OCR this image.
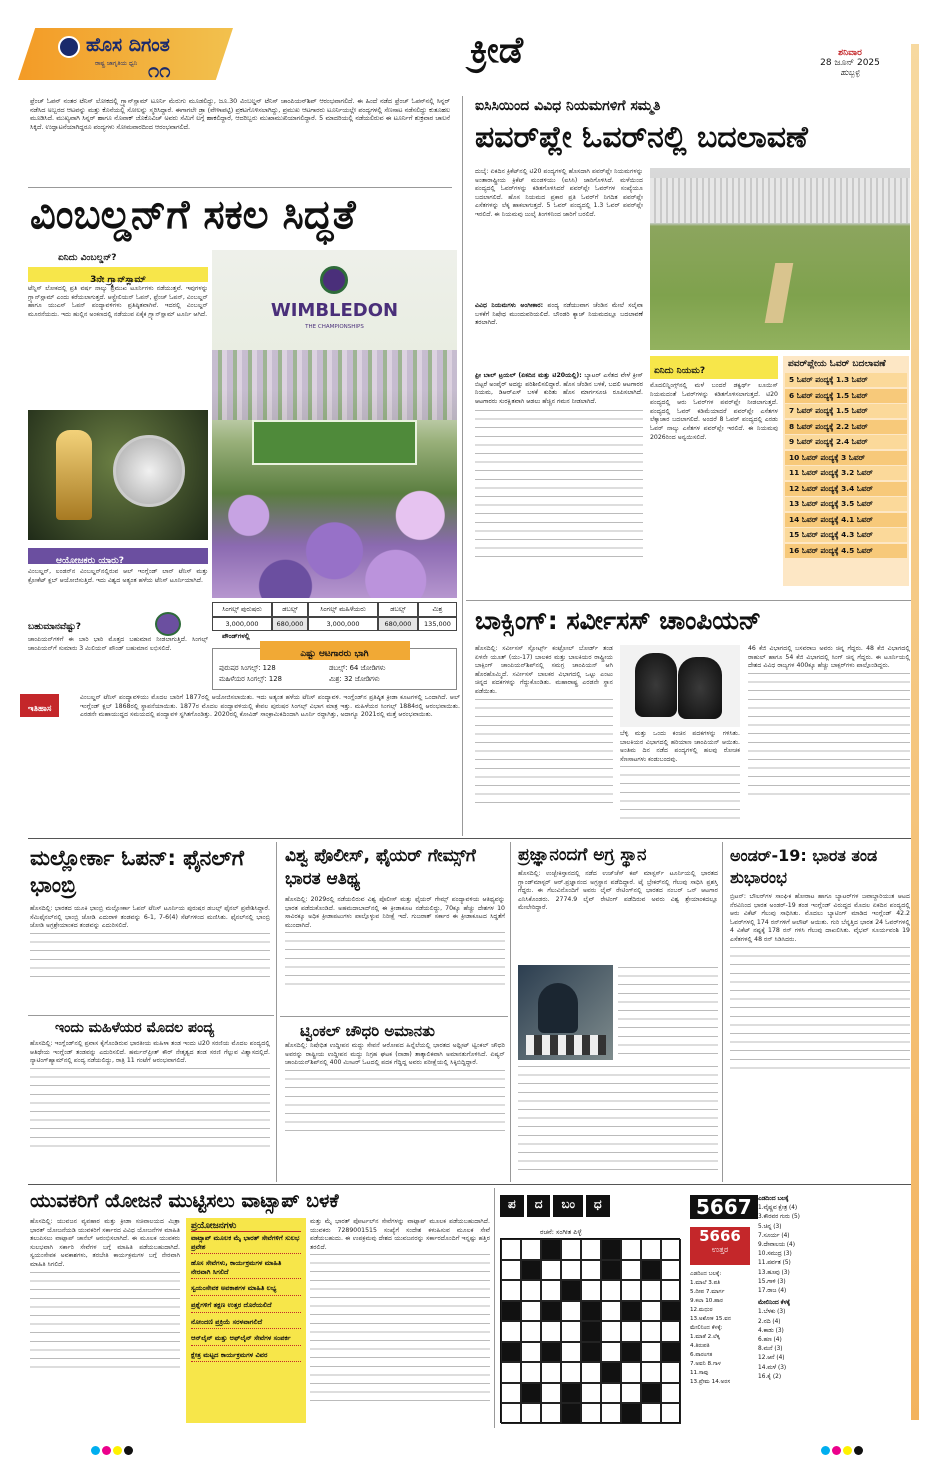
ಹೊಸ ದಿಗಂತ
ರಾಷ್ಟ್ರ ಜಾಗೃತಿಯ ಧ್ವನಿ ೧೧	ಕ್ರೀಡೆ	ಶನಿವಾರ
28 ಜೂನ್ 2025
ಹುಬ್ಬಳ್ಳಿ
ಫ್ರೆಂಚ್ ಓಪನ್ ನಂತರ ಟೆನಿಸ್ ಲೋಕದಲ್ಲಿ ಗ್ರ್ಯಾನ್‌ಸ್ಲಾಮ್ ಟೂರ್ನಿ ಮೆರುಗು ಮೂಡಲಿದ್ದು, ಜೂ.30 ವಿಂಬಲ್ಡನ್ ಟೆನಿಸ್ ಚಾಂಪಿಯನ್‌ಶಿಪ್ ಆರಂಭವಾಗಲಿದೆ. ಈ ಹಿಂದೆ ನಡೆದ ಫ್ರೆಂಚ್ ಓಪನ್‌ನಲ್ಲಿ ಸಿನ್ನರ್ ನಡೆಸಿದ ಅಬ್ಬರದ ಆಟವನ್ನು ಮತ್ತು ಕೊನೆಯಲ್ಲಿ ಸೋಲನ್ನು ಸ್ಮರಿಸಿದ್ದಾರೆ. ಈಗಾಗಲೇ ಡ್ರಾ (ವೇಳಾಪಟ್ಟಿ) ಪ್ರಕಟಗೊಳಿಸಲಾಗಿದ್ದು, ಪ್ರಮುಖ ಆಟಗಾರರು ಟೂರ್ನಿಯಲ್ಲೇ ಪಂದ್ಯಗಳಲ್ಲಿ ಸೆಣಸಾಟ ನಡೆಸಲಿದ್ದು ಕುತೂಹಲ ಮೂಡಿಸಿದೆ. ಮುಖ್ಯವಾಗಿ ಸಿನ್ನರ್ ಹಾಗೂ ನೊವಾಕ್ ಜೊಕೊವಿಚ್ ಅವರು ಸೆಮಿಗೆ ಲಗ್ಗೆ ಹಾಕಲಿದ್ದಾರೆ, ಆದರಿಬ್ಬರು ಮುಖಾಮುಖಿಯಾಗಲಿದ್ದಾರೆ. 5 ಮಾದರಿಯಲ್ಲಿ ನಡೆಯಲಿರುವ ಈ ಟೂರ್ನಿಗೆ ಶುಕ್ರವಾರ ಚಾಲನೆ ಸಿಕ್ಕಿದೆ. ಉದ್ಘಾಟನೆಯಾಗಿದ್ದರೂ ಪಂದ್ಯಗಳು ಸೋಮವಾರದಿಂದ ಆರಂಭವಾಗಲಿದೆ.
ವಿಂಬಲ್ಡನ್‌ಗೆ ಸಕಲ ಸಿದ್ಧತೆ
ಏನಿದು ವಿಂಬಲ್ಡನ್?
3ನೇ ಗ್ರ್ಯಾನ್‌ಸ್ಲಾಮ್
ಟೆನ್ನಿಸ್ ಲೋಕದಲ್ಲಿ ಪ್ರತಿ ವರ್ಷ ನಾಲ್ಕು ಪ್ರಮುಖ ಟೂರ್ನಿಗಳು ನಡೆಯುತ್ತವೆ. ಇವುಗಳನ್ನು ಗ್ರ್ಯಾನ್‌ಸ್ಲಾಮ್ ಎಂದು ಕರೆಯಲಾಗುತ್ತದೆ. ಆಸ್ಟ್ರೇಲಿಯನ್ ಓಪನ್, ಫ್ರೆಂಚ್ ಓಪನ್, ವಿಂಬಲ್ಡನ್ ಹಾಗೂ ಯುಎಸ್ ಓಪನ್ ಪಂದ್ಯಾವಳಿಗಳು ಪ್ರತಿಷ್ಠಿತವಾಗಿವೆ. ಇದರಲ್ಲಿ ವಿಂಬಲ್ಡನ್ ಮೂರನೆಯದು. ಇದು ಹುಲ್ಲಿನ ಅಂಕಣದಲ್ಲಿ ನಡೆಯುವ ಏಕೈಕ ಗ್ರ್ಯಾನ್‌ಸ್ಲಾಮ್ ಟೂರ್ನಿ ಆಗಿದೆ.
ಆಯೋಜಕರು ಯಾರು?
ವಿಂಬಲ್ಡನ್, ಲಂಡನ್‌ನ ವಿಂಬಲ್ಡನ್‌ನಲ್ಲಿರುವ ಆಲ್ ಇಂಗ್ಲೆಂಡ್ ಲಾನ್ ಟೆನಿಸ್ ಮತ್ತು ಕ್ರೋಕೆಟ್ ಕ್ಲಬ್ ಆಯೋಜಿಸುತ್ತಿದೆ. ಇದು ವಿಶ್ವದ ಅತ್ಯಂತ ಹಳೆಯ ಟೆನಿಸ್ ಟೂರ್ನಿಯಾಗಿದೆ.
WIMBLEDON
THE CHAMPIONSHIPS
ಬಹುಮಾನವೆಷ್ಟು?
ಚಾಂಪಿಯನ್‌ಗಳಿಗೆ ಈ ಬಾರಿ ಭಾರಿ ಮೊತ್ತದ ಬಹುಮಾನ ನೀಡಲಾಗುತ್ತಿದೆ. ಸಿಂಗಲ್ಸ್ ಚಾಂಪಿಯನ್‌ಗೆ ಸುಮಾರು 3 ಮಿಲಿಯನ್ ಪೌಂಡ್ ಬಹುಮಾನ ಲಭಿಸಲಿದೆ.
ಸಿಂಗಲ್ಸ್ ಪುರುಷರು	ಡಬಲ್ಸ್	ಸಿಂಗಲ್ಸ್ ಮಹಿಳೆಯರು	ಡಬಲ್ಸ್	ಮಿಶ್ರ
3,000,000	680,000	3,000,000	680,000	135,000
ಪೌಂಡ್‌ಗಳಲ್ಲಿ
ಎಷ್ಟು ಆಟಗಾರರು ಭಾಗಿ
ಪುರುಷರ ಸಿಂಗಲ್ಸ್: 128	ಡಬಲ್ಸ್: 64 ಜೋಡಿಗಳು
ಮಹಿಳೆಯರ ಸಿಂಗಲ್ಸ್: 128	ಮಿಶ್ರ: 32 ಜೋಡಿಗಳು
ಇತಿಹಾಸ
ವಿಂಬಲ್ಡನ್ ಟೆನಿಸ್ ಪಂದ್ಯಾವಳಿಯು ಮೊದಲ ಬಾರಿಗೆ 1877ರಲ್ಲಿ ಆಯೋಜಿಸಲಾಯಿತು. ಇದು ಅತ್ಯಂತ ಹಳೆಯ ಟೆನಿಸ್ ಪಂದ್ಯಾವಳಿ. ಇಂಗ್ಲೆಂಡ್‌ನ ಪ್ರತಿಷ್ಠಿತ ಕ್ರೀಡಾ ಕೂಟಗಳಲ್ಲಿ ಒಂದಾಗಿದೆ. ಆಲ್ ಇಂಗ್ಲೆಂಡ್ ಕ್ಲಬ್ 1868ರಲ್ಲಿ ಸ್ಥಾಪನೆಯಾಯಿತು. 1877ರ ಮೊದಲ ಪಂದ್ಯಾವಳಿಯಲ್ಲಿ ಕೇವಲ ಪುರುಷರ ಸಿಂಗಲ್ಸ್ ವಿಭಾಗ ಮಾತ್ರ ಇತ್ತು. ಮಹಿಳೆಯರ ಸಿಂಗಲ್ಸ್ 1884ರಲ್ಲಿ ಆರಂಭವಾಯಿತು. ಎರಡನೇ ಮಹಾಯುದ್ಧದ ಸಮಯದಲ್ಲಿ ಪಂದ್ಯಾವಳಿ ಸ್ಥಗಿತಗೊಂಡಿತ್ತು. 2020ರಲ್ಲಿ ಕೋವಿಡ್ ಸಾಂಕ್ರಾಮಿಕದಿಂದಾಗಿ ಟೂರ್ನಿ ರದ್ದಾಗಿತ್ತು, ಅದಾಗ್ಯೂ 2021ರಲ್ಲಿ ಮತ್ತೆ ಆರಂಭವಾಯಿತು.
ಐಸಿಸಿಯಿಂದ ವಿವಿಧ ನಿಯಮಗಳಿಗೆ ಸಮ್ಮತಿ
ಪವರ್‌ಪ್ಲೇ ಓವರ್‌ನಲ್ಲಿ ಬದಲಾವಣೆ
ದುಬೈ: ಏಕದಿನ ಕ್ರಿಕೆಟ್‌ನಲ್ಲಿ ಟಿ20 ಪಂದ್ಯಗಳಲ್ಲಿ ಹೊಸದಾಗಿ ಪವರ್‌ಪ್ಲೇ ನಿಯಮಗಳನ್ನು ಅಂತಾರಾಷ್ಟ್ರೀಯ ಕ್ರಿಕೆಟ್ ಮಂಡಳಿಯು (ಐಸಿಸಿ) ಜಾರಿಗೊಳಿಸಿದೆ. ಮಳೆಯಿಂದ ಪಂದ್ಯದಲ್ಲಿ ಓವರ್‌ಗಳನ್ನು ಕಡಿತಗೊಳಿಸಿದರೆ ಪವರ್‌ಪ್ಲೇ ಓವರ್‌ಗಳ ಸಂಖ್ಯೆಯೂ ಬದಲಾಗಲಿದೆ. ಹೊಸ ನಿಯಮದ ಪ್ರಕಾರ ಪ್ರತಿ ಓವರ್‌ಗೆ ನಿಗದಿತ ಪವರ್‌ಪ್ಲೇ ಎಸೆತಗಳನ್ನು ಲೆಕ್ಕ ಹಾಕಲಾಗುತ್ತದೆ. 5 ಓವರ್ ಪಂದ್ಯದಲ್ಲಿ 1.3 ಓವರ್ ಪವರ್‌ಪ್ಲೇ ಇರಲಿದೆ. ಈ ನಿಯಮವು ಜುಲೈ ತಿಂಗಳಿನಿಂದ ಜಾರಿಗೆ ಬರಲಿದೆ.
ವಿವಿಧ ನಿಯಮಗಳು ಅಂಗೀಕಾರ: ಪಂದ್ಯ ನಡೆಯುವಾಗ ಚೆಂಡಿನ ಮೇಲೆ ಸಲೈವಾ ಬಳಕೆಗೆ ನಿಷೇಧ ಮುಂದುವರಿಯಲಿದೆ. ಬೌಂಡರಿ ಕ್ಯಾಚ್ ನಿಯಮದಲ್ಲೂ ಬದಲಾವಣೆ ತರಲಾಗಿದೆ.
ಫ್ರೀ ಬಾಲ್ ಟ್ರಯಲ್ (ಏಕದಿನ ಮತ್ತು ಟಿ20ಯಲ್ಲಿ): ಬ್ಯಾಟರ್ ಎಸೆತದ ವೇಳೆ ಕ್ರೀಸ್ ಬಿಟ್ಟರೆ ಅಂಪೈರ್ ಅದನ್ನು ಪರಿಶೀಲಿಸಲಿದ್ದಾರೆ. ಹೊಸ ಚೆಂಡಿನ ಬಳಕೆ, ಬದಲಿ ಆಟಗಾರರ ನಿಯಮ, ಡಿಆರ್‌ಎಸ್ ಬಳಕೆ ಕುರಿತು ಹೊಸ ಮಾರ್ಗಸೂಚಿ ರೂಪಿಸಲಾಗಿದೆ. ಆಟಗಾರರು ಸುರಕ್ಷಿತವಾಗಿ ಆಡಲು ಹೆಚ್ಚಿನ ಗಮನ ನೀಡಲಾಗಿದೆ.
ಏನಿದು ನಿಯಮ?
ಮೊದಲಿನ್ನಿಂಗ್ಸ್‌ನಲ್ಲಿ ಮಳೆ ಬಂದರೆ ಡಕ್ವರ್ಥ್ ಲೂಯಿಸ್ ನಿಯಮದಂತೆ ಓವರ್‌ಗಳನ್ನು ಕಡಿತಗೊಳಿಸಲಾಗುತ್ತದೆ. ಟಿ20 ಪಂದ್ಯದಲ್ಲಿ ಆರು ಓವರ್‌ಗಳ ಪವರ್‌ಪ್ಲೇ ನೀಡಲಾಗುತ್ತದೆ. ಪಂದ್ಯದಲ್ಲಿ ಓವರ್ ಕಡಿಮೆಯಾದರೆ ಪವರ್‌ಪ್ಲೇ ಎಸೆತಗಳ ಲೆಕ್ಕಾಚಾರ ಬದಲಾಗಲಿದೆ. ಅಂದರೆ 8 ಓವರ್ ಪಂದ್ಯದಲ್ಲಿ ಎರಡು ಓವರ್ ನಾಲ್ಕು ಎಸೆತಗಳ ಪವರ್‌ಪ್ಲೇ ಇರಲಿದೆ. ಈ ನಿಯಮವು 2026ರಿಂದ ಅನ್ವಯಿಸಲಿದೆ.
ಪವರ್‌ಪ್ಲೇಯ ಓವರ್ ಬದಲಾವಣೆ
5 ಓವರ್ ಪಂದ್ಯಕ್ಕೆ 1.3 ಓವರ್
6 ಓವರ್ ಪಂದ್ಯಕ್ಕೆ 1.5 ಓವರ್
7 ಓವರ್ ಪಂದ್ಯಕ್ಕೆ 1.5 ಓವರ್
8 ಓವರ್ ಪಂದ್ಯಕ್ಕೆ 2.2 ಓವರ್
9 ಓವರ್ ಪಂದ್ಯಕ್ಕೆ 2.4 ಓವರ್
10 ಓವರ್ ಪಂದ್ಯಕ್ಕೆ 3 ಓವರ್
11 ಓವರ್ ಪಂದ್ಯಕ್ಕೆ 3.2 ಓವರ್
12 ಓವರ್ ಪಂದ್ಯಕ್ಕೆ 3.4 ಓವರ್
13 ಓವರ್ ಪಂದ್ಯಕ್ಕೆ 3.5 ಓವರ್
14 ಓವರ್ ಪಂದ್ಯಕ್ಕೆ 4.1 ಓವರ್
15 ಓವರ್ ಪಂದ್ಯಕ್ಕೆ 4.3 ಓವರ್
16 ಓವರ್ ಪಂದ್ಯಕ್ಕೆ 4.5 ಓವರ್
ಬಾಕ್ಸಿಂಗ್: ಸರ್ವೀಸಸ್ ಚಾಂಪಿಯನ್
ಹೊಸದಿಲ್ಲಿ: ಸರ್ವೀಸಸ್ ಸ್ಪೋರ್ಟ್ಸ್ ಕಂಟ್ರೋಲ್ ಬೋರ್ಡ್ ತಂಡ ಏಳನೇ ಯೂತ್ (ಯು-17) ಬಾಲಕರ ಮತ್ತು ಬಾಲಕಿಯರ ರಾಷ್ಟ್ರೀಯ ಬಾಕ್ಸಿಂಗ್ ಚಾಂಪಿಯನ್‌ಶಿಪ್‌ನಲ್ಲಿ ಸಮಗ್ರ ಚಾಂಪಿಯನ್ ಆಗಿ ಹೊರಹೊಮ್ಮಿದೆ. ಸರ್ವೀಸಸ್ ಬಾಲಕರ ವಿಭಾಗದಲ್ಲಿ ಒಟ್ಟು ಎಂಟು ಚಿನ್ನದ ಪದಕಗಳನ್ನು ಗೆದ್ದುಕೊಂಡಿತು. ಮಹಾರಾಷ್ಟ್ರ ಎರಡನೇ ಸ್ಥಾನ ಪಡೆಯಿತು.
ಬೆಳ್ಳಿ ಮತ್ತು ಒಂದು ಕಂಚಿನ ಪದಕಗಳನ್ನು ಗಳಿಸಿತು. ಬಾಲಕಿಯರ ವಿಭಾಗದಲ್ಲಿ ಹರಿಯಾಣ ಚಾಂಪಿಯನ್ ಆಯಿತು. ಅಂತಿಮ ದಿನ ನಡೆದ ಪಂದ್ಯಗಳಲ್ಲಿ ಹಲವು ರೋಚಕ ಸೆಣಸಾಟಗಳು ಕಂಡುಬಂದವು.
46 ಕೆಜಿ ವಿಭಾಗದಲ್ಲಿ ಬಸವರಾಜ ಅವರು ಚಿನ್ನ ಗೆದ್ದರು. 48 ಕೆಜಿ ವಿಭಾಗದಲ್ಲಿ ರಾಹುಲ್ ಹಾಗೂ 54 ಕೆಜಿ ವಿಭಾಗದಲ್ಲಿ ಸಿಂಗ್ ಚಿನ್ನ ಗೆದ್ದರು. ಈ ಟೂರ್ನಿಯಲ್ಲಿ ದೇಶದ ವಿವಿಧ ರಾಜ್ಯಗಳ 400ಕ್ಕೂ ಹೆಚ್ಚು ಬಾಕ್ಸರ್‌ಗಳು ಪಾಲ್ಗೊಂಡಿದ್ದರು.
ಮಲ್ಲೋರ್ಕಾ ಓಪನ್: ಫೈನಲ್‌ಗೆ ಭಾಂಬ್ರಿ
ಹೊಸದಿಲ್ಲಿ: ಭಾರತದ ಯೂಕಿ ಭಾಂಬ್ರಿ ಮಲ್ಲೋರ್ಕಾ ಓಪನ್ ಟೆನಿಸ್ ಟೂರ್ನಿಯ ಪುರುಷರ ಡಬಲ್ಸ್ ಫೈನಲ್ ಪ್ರವೇಶಿಸಿದ್ದಾರೆ. ಸೆಮಿಫೈನಲ್‌ನಲ್ಲಿ ಭಾಂಬ್ರಿ ಜೋಡಿ ಎದುರಾಳಿ ತಂಡವನ್ನು 6-1, 7-6(4) ಸೆಟ್‌ಗಳಿಂದ ಮಣಿಸಿತು. ಫೈನಲ್‌ನಲ್ಲಿ ಭಾಂಬ್ರಿ ಜೋಡಿ ಅಗ್ರಶ್ರೇಯಾಂಕದ ತಂಡವನ್ನು ಎದುರಿಸಲಿದೆ.
ಇಂದು ಮಹಿಳೆಯರ ಮೊದಲ ಪಂದ್ಯ
ಹೊಸದಿಲ್ಲಿ: ಇಂಗ್ಲೆಂಡ್‌ನಲ್ಲಿ ಪ್ರವಾಸ ಕೈಗೊಂಡಿರುವ ಭಾರತೀಯ ಮಹಿಳಾ ತಂಡ ಇಂದು ಟಿ20 ಸರಣಿಯ ಮೊದಲ ಪಂದ್ಯದಲ್ಲಿ ಆತಿಥೇಯ ಇಂಗ್ಲೆಂಡ್ ತಂಡವನ್ನು ಎದುರಿಸಲಿದೆ. ಹರ್ಮನ್‌ಪ್ರೀತ್ ಕೌರ್ ನೇತೃತ್ವದ ತಂಡ ಸರಣಿ ಗೆಲ್ಲುವ ವಿಶ್ವಾಸದಲ್ಲಿದೆ. ನ್ಯಾಟಿಂಗ್‌ಹ್ಯಾಮ್‌ನಲ್ಲಿ ಪಂದ್ಯ ನಡೆಯಲಿದ್ದು, ರಾತ್ರಿ 11 ಗಂಟೆಗೆ ಆರಂಭವಾಗಲಿದೆ.
ವಿಶ್ವ ಪೊಲೀಸ್, ಫೈಯರ್ ಗೇಮ್ಸ್‌ಗೆ ಭಾರತ ಆತಿಥ್ಯ
ಹೊಸದಿಲ್ಲಿ: 2029ರಲ್ಲಿ ನಡೆಯಲಿರುವ ವಿಶ್ವ ಪೊಲೀಸ್ ಮತ್ತು ಫೈಯರ್ ಗೇಮ್ಸ್ ಪಂದ್ಯಾವಳಿಯ ಆತಿಥ್ಯವನ್ನು ಭಾರತ ಪಡೆದುಕೊಂಡಿದೆ. ಅಹಮದಾಬಾದ್‌ನಲ್ಲಿ ಈ ಕ್ರೀಡಾಕೂಟ ನಡೆಯಲಿದ್ದು, 70ಕ್ಕೂ ಹೆಚ್ಚು ದೇಶಗಳ 10 ಸಾವಿರಕ್ಕೂ ಅಧಿಕ ಕ್ರೀಡಾಪಟುಗಳು ಪಾಲ್ಗೊಳ್ಳುವ ನಿರೀಕ್ಷೆ ಇದೆ. ಗುಜರಾತ್ ಸರ್ಕಾರ ಈ ಕ್ರೀಡಾಕೂಟದ ಸಿದ್ಧತೆಗೆ ಮುಂದಾಗಿದೆ.
ಟ್ವಿಂಕಲ್ ಚೌಧರಿ ಅಮಾನತು
ಹೊಸದಿಲ್ಲಿ: ನಿಷೇಧಿತ ಉದ್ದೀಪನ ಮದ್ದು ಸೇವನೆ ಆರೋಪದ ಹಿನ್ನೆಲೆಯಲ್ಲಿ ಭಾರತದ ಅಥ್ಲೀಟ್ ಟ್ವಿಂಕಲ್ ಚೌಧರಿ ಅವರನ್ನು ರಾಷ್ಟ್ರೀಯ ಉದ್ದೀಪನ ಮದ್ದು ನಿಗ್ರಹ ಘಟಕ (ನಾಡಾ) ತಾತ್ಕಾಲಿಕವಾಗಿ ಅಮಾನತುಗೊಳಿಸಿದೆ. ಏಷ್ಯನ್ ಚಾಂಪಿಯನ್‌ಶಿಪ್‌ನಲ್ಲಿ 400 ಮೀಟರ್ ಓಟದಲ್ಲಿ ಪದಕ ಗೆದ್ದಿದ್ದ ಅವರು ಪರೀಕ್ಷೆಯಲ್ಲಿ ಸಿಕ್ಕಿಬಿದ್ದಿದ್ದಾರೆ.
ಪ್ರಜ್ಞಾನಂದಗೆ ಅಗ್ರ ಸ್ಥಾನ
ಹೊಸದಿಲ್ಲಿ: ಉಜ್ಬೇಕಿಸ್ತಾನದಲ್ಲಿ ನಡೆದ ಉಜ್‌ಚೆಸ್ ಕಪ್ ಮಾಸ್ಟರ್ಸ್ ಟೂರ್ನಿಯಲ್ಲಿ ಭಾರತದ ಗ್ರ್ಯಾಂಡ್‌ಮಾಸ್ಟರ್ ಆರ್.ಪ್ರಜ್ಞಾನಂದ ಅಗ್ರಸ್ಥಾನ ಪಡೆದಿದ್ದಾರೆ. ಟೈ ಬ್ರೇಕರ್‌ನಲ್ಲಿ ಗೆಲುವು ಸಾಧಿಸಿ ಪ್ರಶಸ್ತಿ ಗೆದ್ದರು. ಈ ಗೆಲುವಿನೊಂದಿಗೆ ಅವರು ಲೈವ್ ರೇಟಿಂಗ್‌ನಲ್ಲಿ ಭಾರತದ ನಂಬರ್ ಒನ್ ಆಟಗಾರ ಎನಿಸಿಕೊಂಡರು. 2774.9 ಲೈವ್ ರೇಟಿಂಗ್ ಪಡೆದಿರುವ ಅವರು ವಿಶ್ವ ಶ್ರೇಯಾಂಕದಲ್ಲೂ ಮೇಲೇರಿದ್ದಾರೆ.
ಅಂಡರ್-19: ಭಾರತ ತಂಡ ಶುಭಾರಂಭ
ಬ್ರಿಟನ್: ಬೌಲರ್‌ಗಳ ಸಾಂಘಿಕ ಹೋರಾಟ ಹಾಗೂ ಬ್ಯಾಟರ್‌ಗಳ ಜವಾಬ್ದಾರಿಯುತ ಆಟದ ನೆರವಿನಿಂದ ಭಾರತ ಅಂಡರ್-19 ತಂಡ ಇಂಗ್ಲೆಂಡ್ ವಿರುದ್ಧದ ಮೊದಲ ಏಕದಿನ ಪಂದ್ಯದಲ್ಲಿ ಆರು ವಿಕೆಟ್ ಗೆಲುವು ಸಾಧಿಸಿತು. ಮೊದಲು ಬ್ಯಾಟಿಂಗ್ ಮಾಡಿದ ಇಂಗ್ಲೆಂಡ್ 42.2 ಓವರ್‌ಗಳಲ್ಲಿ 174 ರನ್‌ಗಳಿಗೆ ಆಲೌಟ್ ಆಯಿತು. ಗುರಿ ಬೆನ್ನತ್ತಿದ ಭಾರತ 24 ಓವರ್‌ಗಳಲ್ಲಿ 4 ವಿಕೆಟ್ ನಷ್ಟಕ್ಕೆ 178 ರನ್ ಗಳಿಸಿ ಗೆಲುವು ದಾಖಲಿಸಿತು. ವೈಭವ್ ಸೂರ್ಯವಂಶಿ 19 ಎಸೆತಗಳಲ್ಲಿ 48 ರನ್ ಸಿಡಿಸಿದರು.
ಯುವಕರಿಗೆ ಯೋಜನೆ ಮುಟ್ಟಿಸಲು ವಾಟ್ಸಾಪ್ ಬಳಕೆ
ಹೊಸದಿಲ್ಲಿ: ಯುವಜನ ವ್ಯವಹಾರ ಮತ್ತು ಕ್ರೀಡಾ ಸಚಿವಾಲಯದ ಮಿತ್ರಾ ಭಾರತ್ ಯೋಜನೆಯಡಿ ಯುವಕರಿಗೆ ಸರ್ಕಾರದ ವಿವಿಧ ಯೋಜನೆಗಳ ಮಾಹಿತಿ ತಲುಪಿಸಲು ವಾಟ್ಸಾಪ್ ಚಾನೆಲ್ ಆರಂಭಿಸಲಾಗಿದೆ. ಈ ಮೂಲಕ ಯುವಕರು ಸುಲಭವಾಗಿ ಸರ್ಕಾರಿ ಸೇವೆಗಳ ಬಗ್ಗೆ ಮಾಹಿತಿ ಪಡೆಯಬಹುದಾಗಿದೆ. ಸ್ವಯಂಸೇವಕ ಅವಕಾಶಗಳು, ತರಬೇತಿ ಕಾರ್ಯಕ್ರಮಗಳ ಬಗ್ಗೆ ನೇರವಾಗಿ ಮಾಹಿತಿ ಸಿಗಲಿದೆ.
ಪ್ರಯೋಜನಗಳು
ವಾಟ್ಸಾಪ್ ಮೂಲಕ ಮೈ ಭಾರತ್ ಸೇವೆಗಳಿಗೆ ಸುಲಭ ಪ್ರವೇಶ
ಹೊಸ ಸೇವೆಗಳು, ಕಾರ್ಯಕ್ರಮಗಳ ಮಾಹಿತಿ ನೇರವಾಗಿ ಸಿಗಲಿದೆ
ಸ್ವಯಂಸೇವಕ ಅವಕಾಶಗಳ ಮಾಹಿತಿ ಲಭ್ಯ
ಪ್ರಶ್ನೆಗಳಿಗೆ ತಕ್ಷಣ ಉತ್ತರ ದೊರೆಯಲಿದೆ
ನೋಂದಣಿ ಪ್ರಕ್ರಿಯೆ ಸರಳವಾಗಲಿದೆ
ಆನ್‌ಲೈನ್ ಮತ್ತು ಆಫ್‌ಲೈನ್ ಸೇವೆಗಳ ಸಂಪರ್ಕ
ಕ್ಷೇತ್ರ ಮಟ್ಟದ ಕಾರ್ಯಕ್ರಮಗಳ ವಿವರ
ಮತ್ತು ಮೈ ಭಾರತ್ ಪೋರ್ಟಲ್‌ನ ಸೇವೆಗಳನ್ನು ವಾಟ್ಸಾಪ್ ಮೂಲಕ ಪಡೆಯಬಹುದಾಗಿದೆ. ಯುವಕರು 7289001515 ಸಂಖ್ಯೆಗೆ ಸಂದೇಶ ಕಳುಹಿಸುವ ಮೂಲಕ ಸೇವೆ ಪಡೆಯಬಹುದು. ಈ ಉಪಕ್ರಮವು ದೇಶದ ಯುವಜನರನ್ನು ಸರ್ಕಾರದೊಂದಿಗೆ ಇನ್ನಷ್ಟು ಹತ್ತಿರ ತರಲಿದೆ.
ಪ	ದ	ಬಂ	ಧ
ರಚನೆ: ಸಂಗೀತ ಪಿಳ್ಳೆ
5667
5666
ಉತ್ತರ
ಎಡದಿಂದ ಬಲಕ್ಕೆ:
1.ಮಾಲೆ 3.ಪತಿ
5.ದೀಪ 7.ಮಾರ್ಗ
9.ಕಲಾ 10.ಹಾರ
12.ಮಧುರ
13.ಅಶೋಕ 15.ವನ
ಮೇಲಿನಿಂದ ಕೆಳಕ್ಕೆ:
1.ಮಾತೆ 2.ಲೆಕ್ಕ
4.ತಿರುಪತಿ
6.ಪಾರಂಗತ
7.ಅವನಿ 8.ಗಾಳ
11.ಸಾವು
13.ಪ್ರೇಮ 14.ಅರಸ
ಎಡದಿಂದ ಬಲಕ್ಕೆ
1.ವೈಷ್ಣವ ಕ್ಷೇತ್ರ (4)
3.ಕೌರವರ ಗುರು (5)
5.ಚಿನ್ನ (3)
7.ಸೂರ್ಯ (4)
9.ದೇವಾಲಯ (4)
10.ಸಮುದ್ರ (3)
11.ಪರ್ವತ (5)
13.ಹೂವು (3)
15.ಗಾಳಿ (3)
17.ರಾಜ (4)
ಮೇಲಿನಿಂದ ಕೆಳಕ್ಕೆ
1.ಬೆಳಕು (3)
2.ನದಿ (4)
4.ಕಾಡು (3)
6.ಹಣ (4)
8.ಮನೆ (3)
12.ಆನೆ (4)
14.ಮಳೆ (3)
16.ಕೈ (2)
